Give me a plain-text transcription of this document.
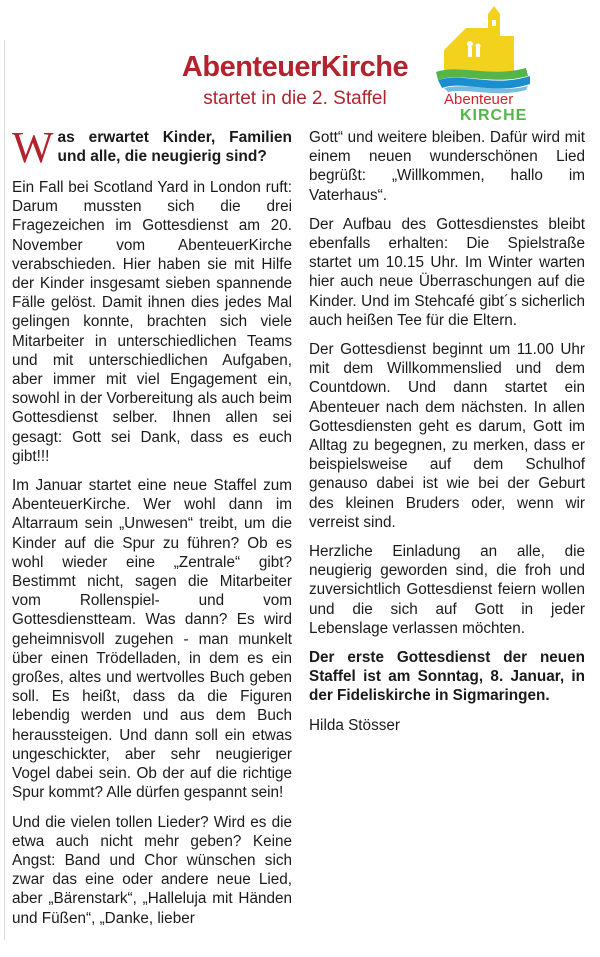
AbenteuerKirche
startet in die 2. Staffel	Abenteuer
KIRCHE
Was erwartet Kinder, Familien und alle, die neugierig sind?

Ein Fall bei Scotland Yard in London ruft: Darum mussten sich die drei Fragezeichen im Gottesdienst am 20. November vom AbenteuerKirche verabschieden. Hier haben sie mit Hilfe der Kinder insgesamt sieben spannende Fälle gelöst. Damit ihnen dies jedes Mal gelingen konnte, brachten sich viele Mitarbeiter in unterschiedlichen Teams und mit unterschiedlichen Aufgaben, aber immer mit viel Engagement ein, sowohl in der Vorbereitung als auch beim Gottesdienst selber. Ihnen allen sei gesagt: Gott sei Dank, dass es euch gibt!!!

Im Januar startet eine neue Staffel zum AbenteuerKirche. Wer wohl dann im Altarraum sein „Unwesen“ treibt, um die Kinder auf die Spur zu führen? Ob es wohl wieder eine „Zentrale“ gibt? Bestimmt nicht, sagen die Mitarbeiter vom Rollenspiel- und vom Gottesdienstteam. Was dann? Es wird geheimnisvoll zugehen - man munkelt über einen Trödelladen, in dem es ein großes, altes und wertvolles Buch geben soll. Es heißt, dass da die Figuren lebendig werden und aus dem Buch heraussteigen. Und dann soll ein etwas ungeschickter, aber sehr neugieriger Vogel dabei sein. Ob der auf die richtige Spur kommt? Alle dürfen gespannt sein!

Und die vielen tollen Lieder? Wird es die etwa auch nicht mehr geben? Keine Angst: Band und Chor wünschen sich zwar das eine oder andere neue Lied, aber „Bärenstark“, „Halleluja mit Händen und Füßen“, „Danke, lieber

Gott“ und weitere bleiben. Dafür wird mit einem neuen wunderschönen Lied begrüßt: „Willkommen, hallo im Vaterhaus“.

Der Aufbau des Gottesdienstes bleibt ebenfalls erhalten: Die Spielstraße startet um 10.15 Uhr. Im Winter warten hier auch neue Überraschungen auf die Kinder. Und im Stehcafé gibt´s sicherlich auch heißen Tee für die Eltern.

Der Gottesdienst beginnt um 11.00 Uhr mit dem Willkommenslied und dem Countdown. Und dann startet ein Abenteuer nach dem nächsten. In allen Gottesdiensten geht es darum, Gott im Alltag zu begegnen, zu merken, dass er beispielsweise auf dem Schulhof genauso dabei ist wie bei der Geburt des kleinen Bruders oder, wenn wir verreist sind.

Herzliche Einladung an alle, die neugierig geworden sind, die froh und zuversichtlich Gottesdienst feiern wollen und die sich auf Gott in jeder Lebenslage verlassen möchten.

Der erste Gottesdienst der neuen Staffel ist am Sonntag, 8. Januar, in der Fideliskirche in Sigmaringen.

Hilda Stösser
